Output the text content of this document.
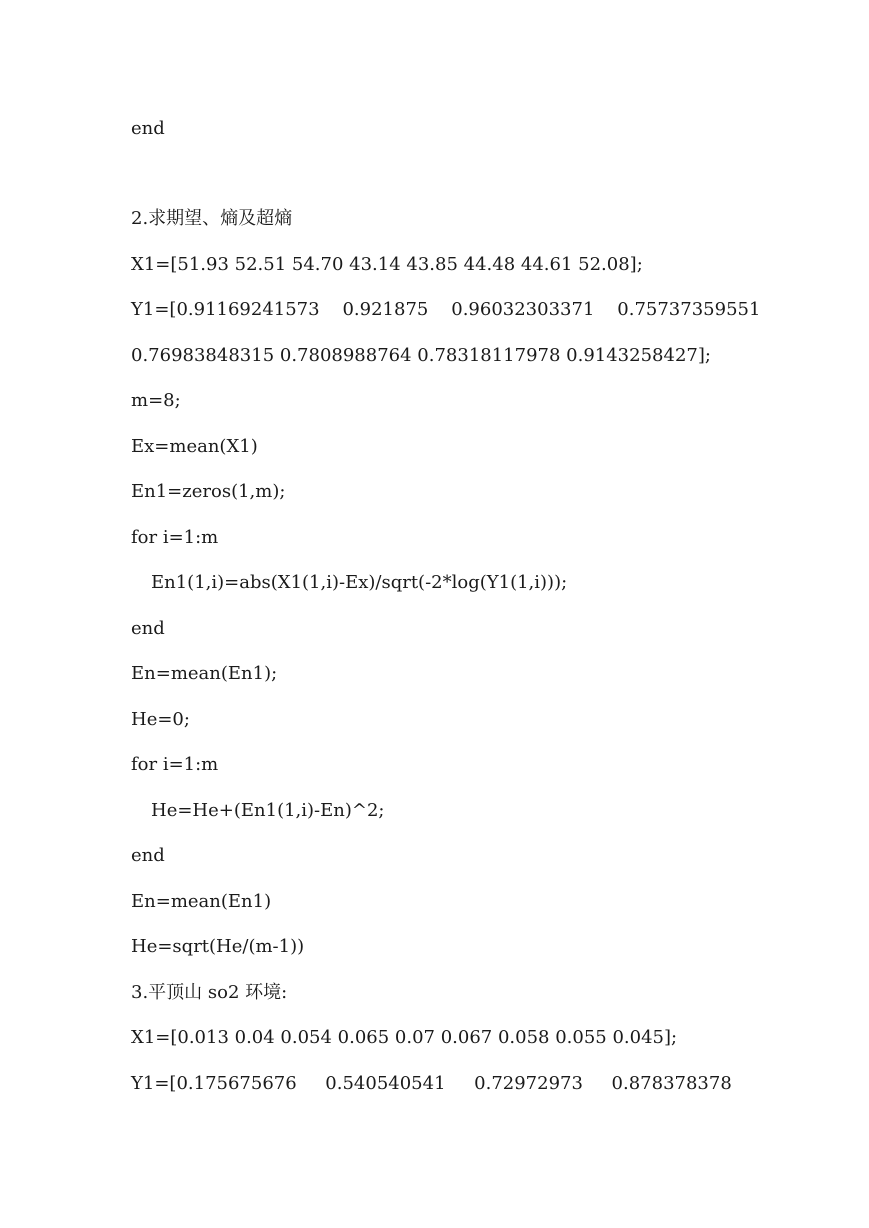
end
2.求期望、熵及超熵
X1=[51.93 52.51 54.70 43.14 43.85 44.48 44.61 52.08];
Y1=[0.91169241573    0.921875    0.96032303371    0.75737359551
0.76983848315 0.7808988764 0.78318117978 0.9143258427];
m=8;
Ex=mean(X1)
En1=zeros(1,m);
for i=1:m
En1(1,i)=abs(X1(1,i)-Ex)/sqrt(-2*log(Y1(1,i)));
end
En=mean(En1);
He=0;
for i=1:m
He=He+(En1(1,i)-En)^2;
end
En=mean(En1)
He=sqrt(He/(m-1))
3.平顶山 so2 环境:
X1=[0.013 0.04 0.054 0.065 0.07 0.067 0.058 0.055 0.045];
Y1=[0.175675676     0.540540541     0.72972973     0.878378378
